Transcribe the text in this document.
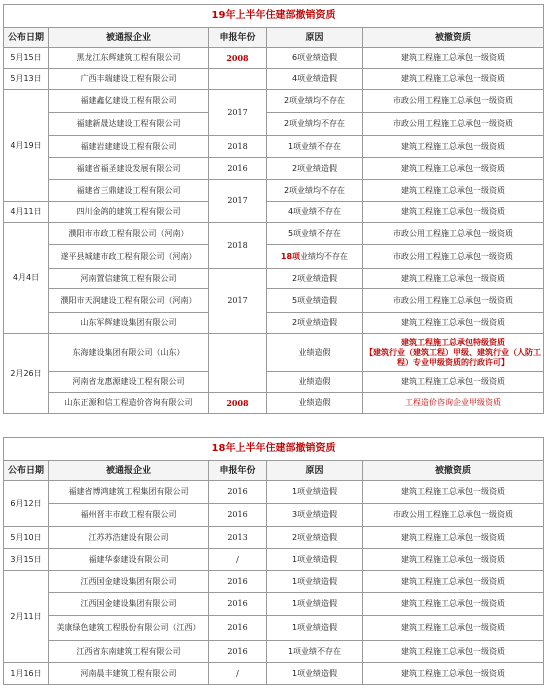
19年上半年住建部撤销资质				
公布日期	被通报企业	申报年份	原因	被撤资质
5月15日	黑龙江东辉建筑工程有限公司	2008	6项业绩造假	建筑工程施工总承包一级资质
5月13日	广西丰瑞建设工程有限公司		4项业绩造假	建筑工程施工总承包一级资质
4月19日	福建鑫亿建设工程有限公司	2017	2项业绩均不存在	市政公用工程施工总承包一级资质
	福建新晟达建设工程有限公司		2项业绩均不存在	市政公用工程施工总承包一级资质
	福建岩建建设工程有限公司	2018	1项业绩不存在	建筑工程施工总承包一级资质
	福建省福圣建设发展有限公司	2016	2项业绩造假	建筑工程施工总承包一级资质
	福建省三鼎建设工程有限公司	2017	2项业绩均不存在	建筑工程施工总承包一级资质
4月11日	四川金鸽的建筑工程有限公司		4项业绩不存在	建筑工程施工总承包一级资质
4月4日	濮阳市市政工程有限公司（河南）	2018	5项业绩不存在	市政公用工程施工总承包一级资质
	遂平县城建市政工程有限公司（河南）		18项业绩均不存在	市政公用工程施工总承包一级资质
	河南置信建筑工程有限公司	2017	2项业绩造假	建筑工程施工总承包一级资质
	濮阳市天润建设工程有限公司（河南）		5项业绩造假	市政公用工程施工总承包一级资质
	山东军辉建设集团有限公司		2项业绩造假	建筑工程施工总承包一级资质
2月26日	东海建设集团有限公司（山东）		业绩造假	建筑工程施工总承包特级资质
【建筑行业（建筑工程）甲级、建筑行业（人防工程）专业甲级资质的行政许可】

	河南省龙惠源建设工程有限公司		业绩造假	建筑工程施工总承包一级资质
	山东正源和信工程造价咨询有限公司	2008	业绩造假	工程造价咨询企业甲级资质
18年上半年住建部撤销资质				
公布日期	被通报企业	申报年份	原因	被撤资质
6月12日	福建省博鸿建筑工程集团有限公司	2016	1项业绩造假	建筑工程施工总承包一级资质
	福州晋丰市政工程有限公司	2016	3项业绩造假	市政公用工程施工总承包一级资质
5月10日	江苏苏浩建设有限公司	2013	2项业绩造假	建筑工程施工总承包一级资质
3月15日	福建华泰建设有限公司	/	1项业绩造假	建筑工程施工总承包一级资质
2月11日	江西国金建设集团有限公司	2016	1项业绩造假	建筑工程施工总承包一级资质
	江西国金建设集团有限公司	2016	1项业绩造假	建筑工程施工总承包一级资质
	美康绿色建筑工程股份有限公司（江西）	2016	1项业绩造假	建筑工程施工总承包一级资质
	江西省东南建筑工程有限公司	2016	1项业绩不存在	建筑工程施工总承包一级资质
1月16日	河南晨丰建筑工程有限公司	/	1项业绩造假	建筑工程施工总承包一级资质
